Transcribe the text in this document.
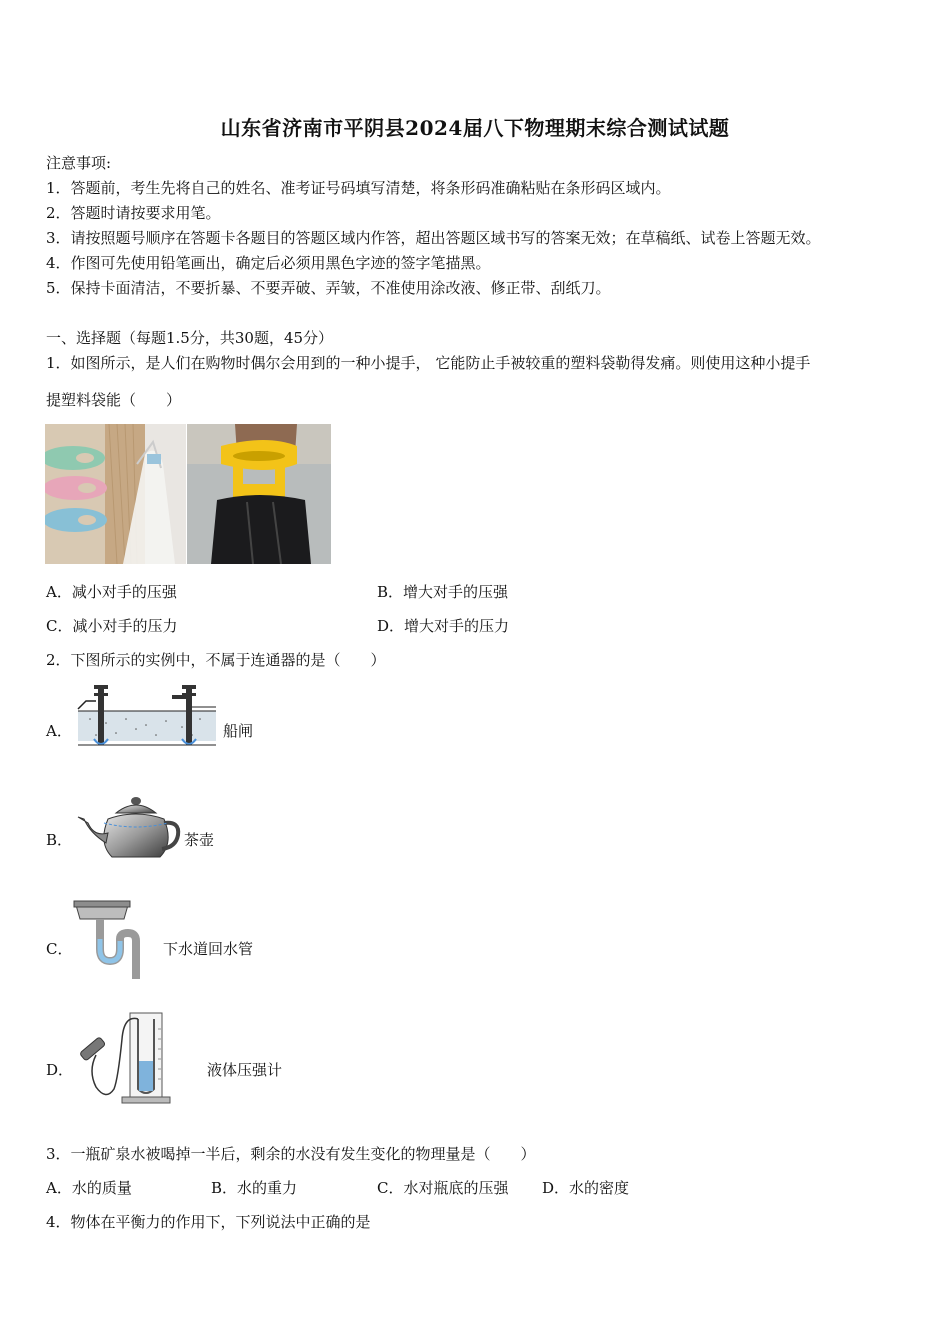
山东省济南市平阴县2024届八下物理期末综合测试试题
注意事项:
1．答题前，考生先将自己的姓名、准考证号码填写清楚，将条形码准确粘贴在条形码区域内。
2．答题时请按要求用笔。
3．请按照题号顺序在答题卡各题目的答题区域内作答，超出答题区域书写的答案无效；在草稿纸、试卷上答题无效。
4．作图可先使用铅笔画出，确定后必须用黑色字迹的签字笔描黑。
5．保持卡面清洁，不要折暴、不要弄破、弄皱，不准使用涂改液、修正带、刮纸刀。
一、选择题（每题1.5分，共30题，45分）
1．如图所示，是人们在购物时偶尔会用到的一种小提手， 它能防止手被较重的塑料袋勒得发痛。则使用这种小提手
提塑料袋能（　　）
A．减小对手的压强	B．增大对手的压强
C．减小对手的压力	D．增大对手的压力
2．下图所示的实例中，不属于连通器的是（　　）
A．	船闸
B．	茶壶
C．	下水道回水管
D．	液体压强计
3．一瓶矿泉水被喝掉一半后，剩余的水没有发生变化的物理量是（　　）
A．水的质量	B．水的重力	C．水对瓶底的压强 D．水的密度
4．物体在平衡力的作用下，下列说法中正确的是
